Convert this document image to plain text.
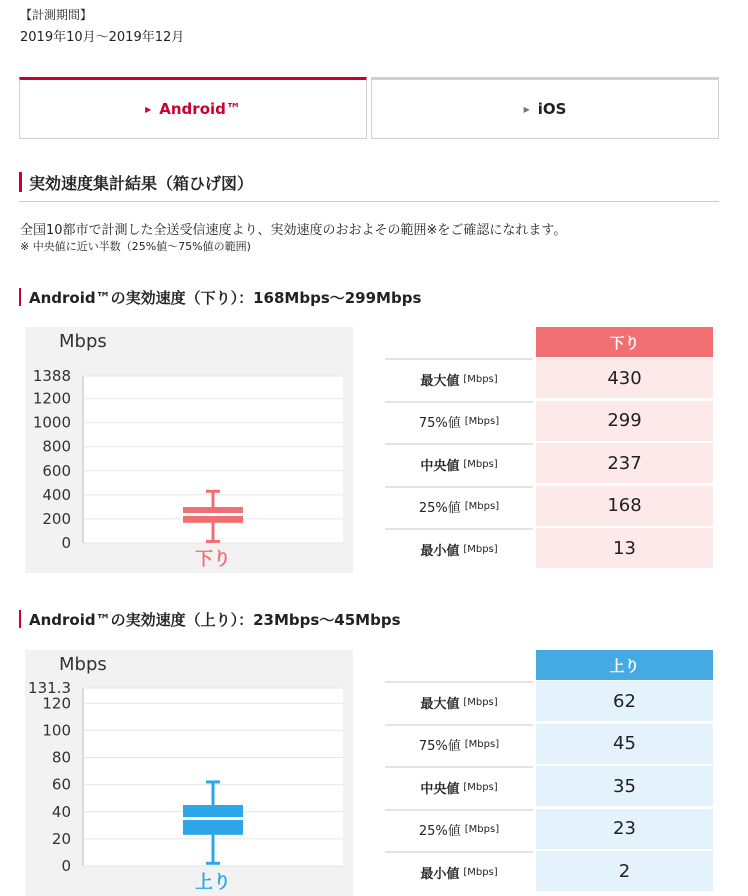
【計測期間】
2019年10月～2019年12月
▶ Android™	▶ iOS
実効速度集計結果（箱ひげ図）
全国10都市で計測した全送受信速度より、実効速度のおおよその範囲※をご確認になれます。
※ 中央値に近い半数（25%値～75%値の範囲)
Android™の実効速度（下り）：168Mbps～299Mbps
Mbps
0
200
400
600
800
1000
1200
1388
下り
下り
最大値 [Mbps]	430
75%値 [Mbps]	299
中央値 [Mbps]	237
25%値 [Mbps]	168
最小値 [Mbps]	13
Android™の実効速度（上り）：23Mbps～45Mbps
Mbps
0
20
40
60
80
100
120
131.3
上り
上り
最大値 [Mbps]	62
75%値 [Mbps]	45
中央値 [Mbps]	35
25%値 [Mbps]	23
最小値 [Mbps]	2
